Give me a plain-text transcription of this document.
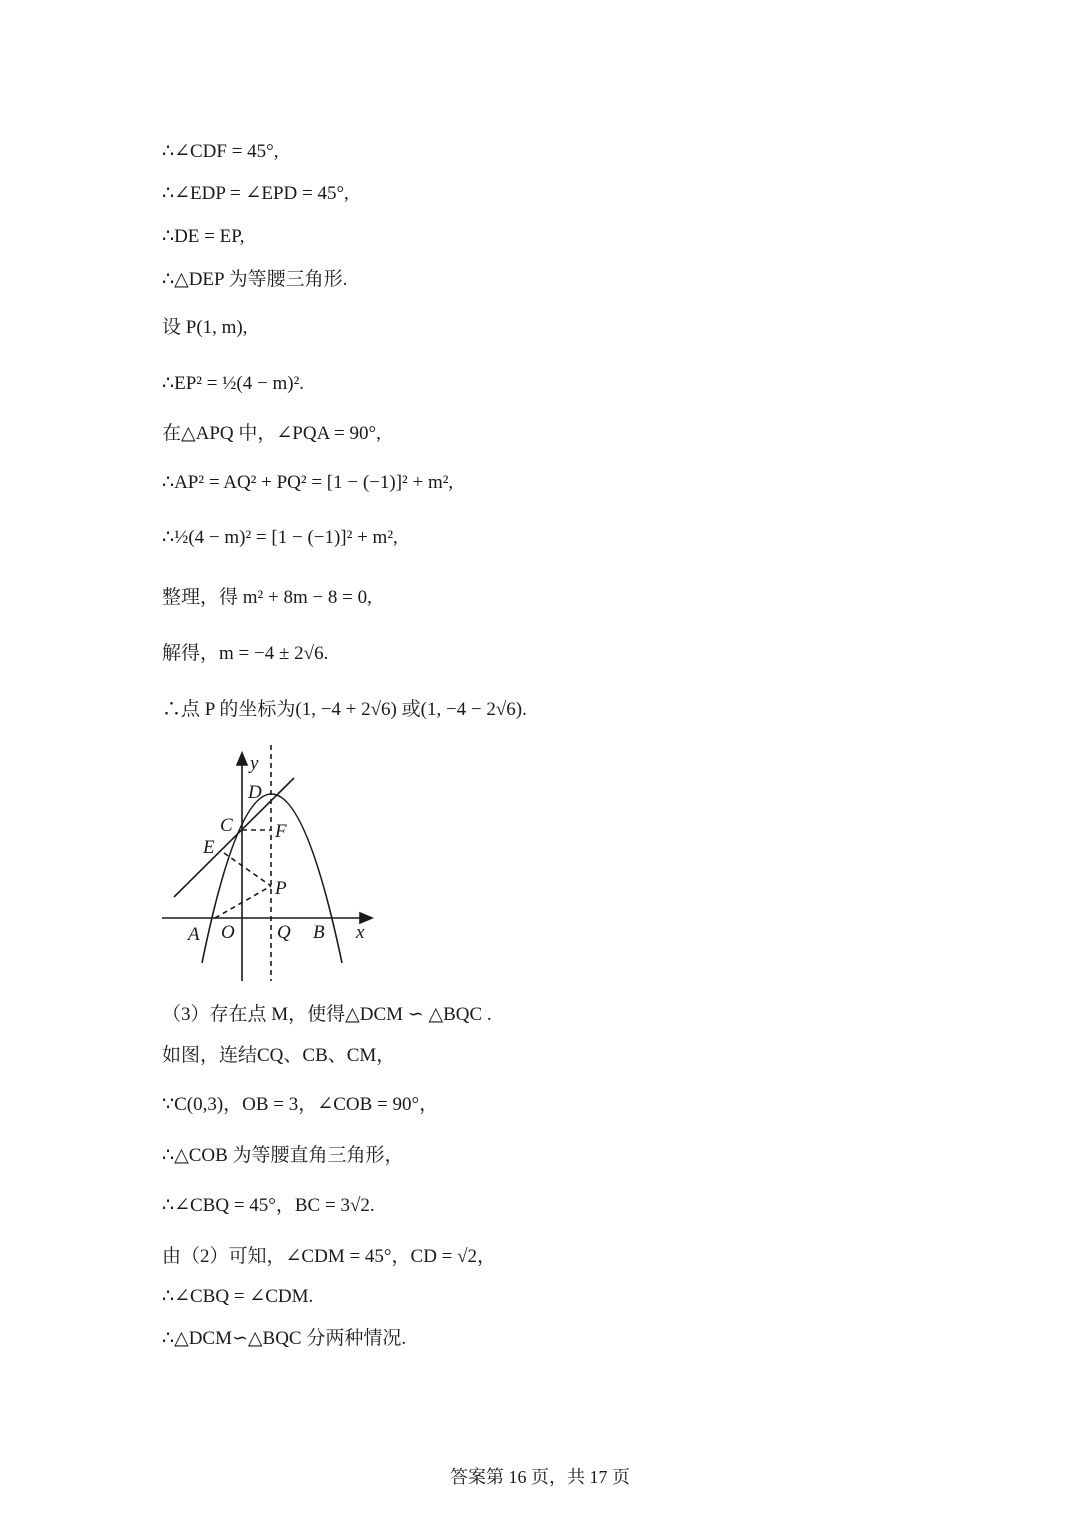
∴∠CDF = 45°,
∴∠EDP = ∠EPD = 45°,
∴DE = EP,
∴△DEP 为等腰三角形.
设 P(1, m),
∴EP² = ½(4 − m)².
在△APQ 中，∠PQA = 90°,
∴AP² = AQ² + PQ² = [1 − (−1)]² + m²,
∴½(4 − m)² = [1 − (−1)]² + m²,
整理，得 m² + 8m − 8 = 0,
解得，m = −4 ± 2√6.
∴点 P 的坐标为(1, −4 + 2√6) 或(1, −4 − 2√6).
y
D
C F
E
P
A O Q B x
（3）存在点 M，使得△DCM ∽ △BQC .
如图，连结CQ、CB、CM，
∵C(0,3)，OB = 3，∠COB = 90°，
∴△COB 为等腰直角三角形，
∴∠CBQ = 45°，BC = 3√2.
由（2）可知，∠CDM = 45°，CD = √2，
∴∠CBQ = ∠CDM.
∴△DCM∽△BQC 分两种情况.
答案第 16 页，共 17 页
